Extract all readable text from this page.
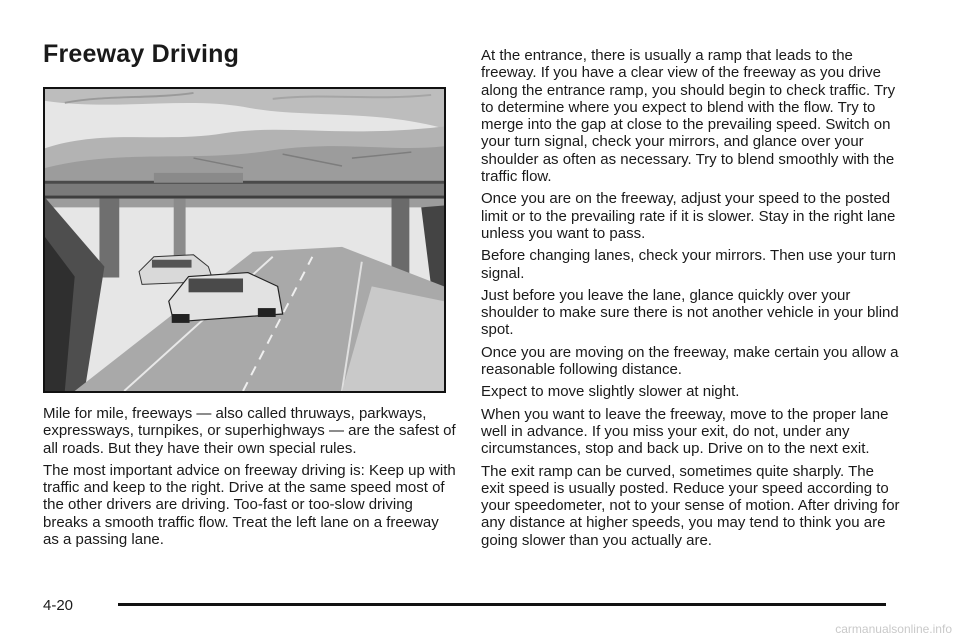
Freeway Driving

Mile for mile, freeways — also called thruways, parkways, expressways, turnpikes, or superhighways — are the safest of all roads. But they have their own special rules.

The most important advice on freeway driving is: Keep up with traffic and keep to the right. Drive at the same speed most of the other drivers are driving. Too-fast or too-slow driving breaks a smooth traffic flow. Treat the left lane on a freeway as a passing lane.

At the entrance, there is usually a ramp that leads to the freeway. If you have a clear view of the freeway as you drive along the entrance ramp, you should begin to check traffic. Try to determine where you expect to blend with the flow. Try to merge into the gap at close to the prevailing speed. Switch on your turn signal, check your mirrors, and glance over your shoulder as often as necessary. Try to blend smoothly with the traffic flow.

Once you are on the freeway, adjust your speed to the posted limit or to the prevailing rate if it is slower. Stay in the right lane unless you want to pass.

Before changing lanes, check your mirrors. Then use your turn signal.

Just before you leave the lane, glance quickly over your shoulder to make sure there is not another vehicle in your blind spot.

Once you are moving on the freeway, make certain you allow a reasonable following distance.

Expect to move slightly slower at night.

When you want to leave the freeway, move to the proper lane well in advance. If you miss your exit, do not, under any circumstances, stop and back up. Drive on to the next exit.

The exit ramp can be curved, sometimes quite sharply. The exit speed is usually posted. Reduce your speed according to your speedometer, not to your sense of motion. After driving for any distance at higher speeds, you may tend to think you are going slower than you actually are.

4-20
carmanualsonline.info
